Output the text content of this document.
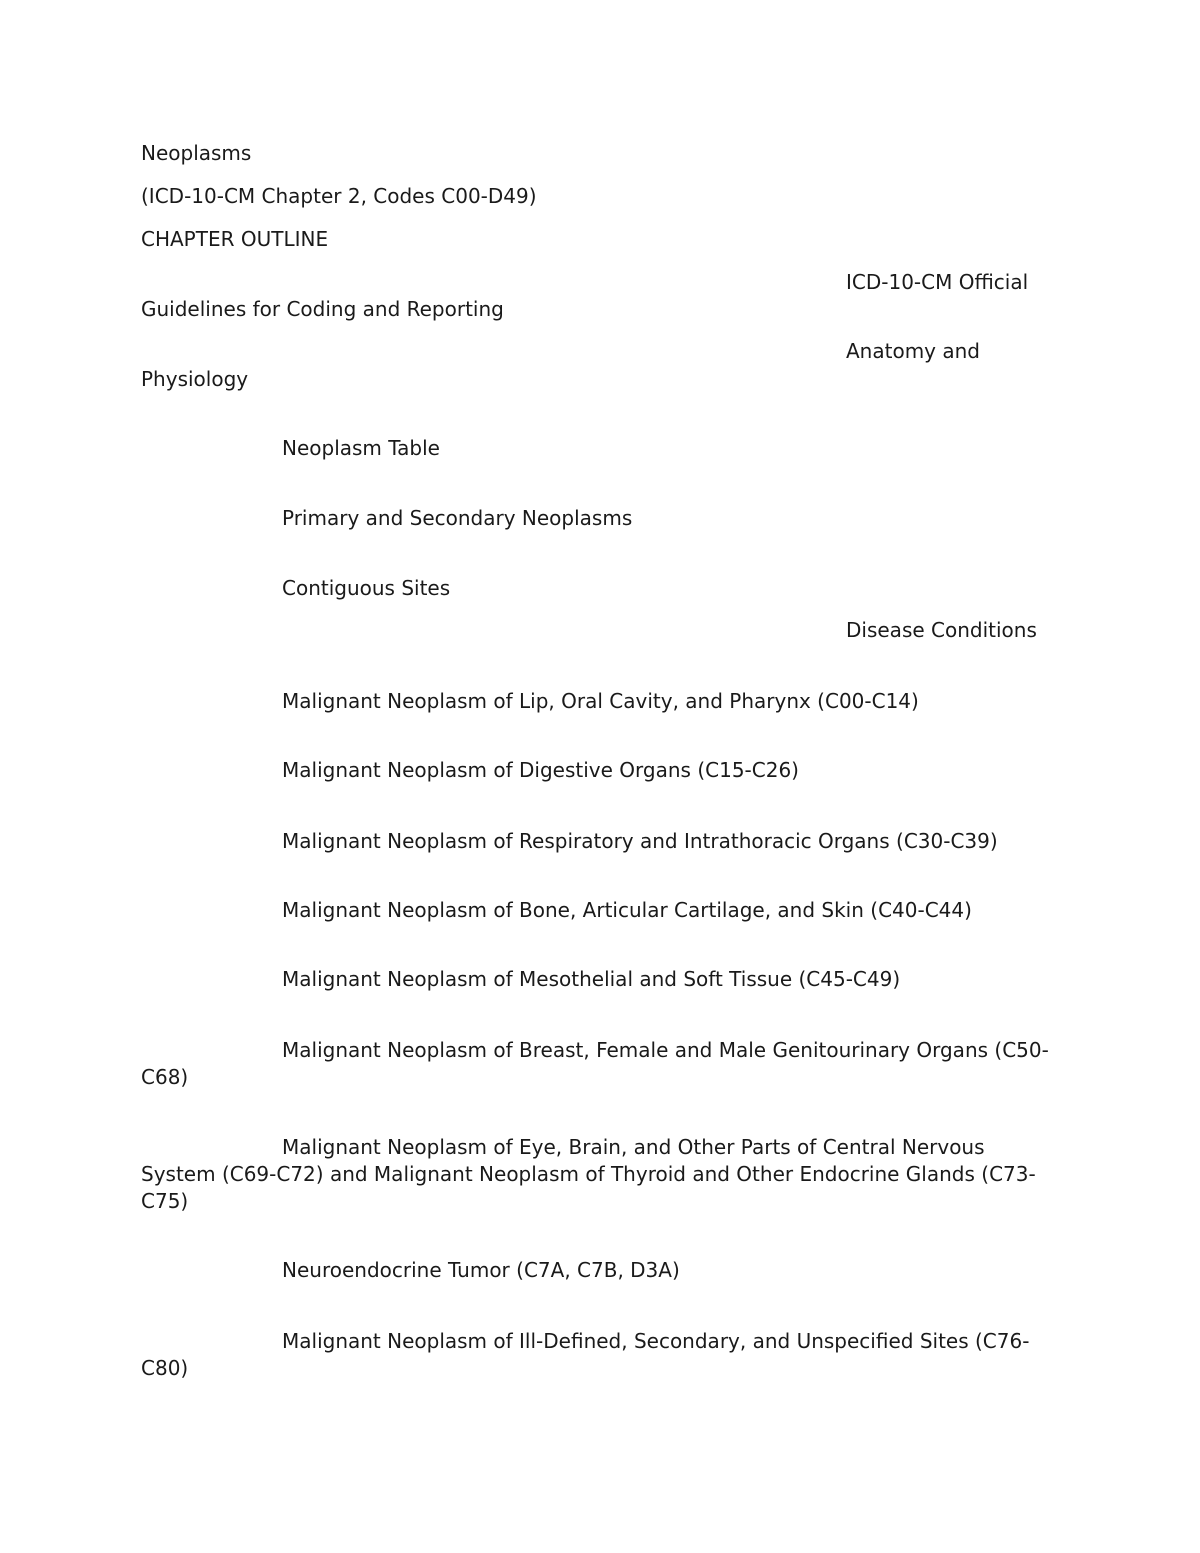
Neoplasms

(ICD-10-CM Chapter 2, Codes C00-D49)

CHAPTER OUTLINE

ICD-10-CM Official

Guidelines for Coding and Reporting

Anatomy and

Physiology

Neoplasm Table

Primary and Secondary Neoplasms

Contiguous Sites

Disease Conditions

Malignant Neoplasm of Lip, Oral Cavity, and Pharynx (C00-C14)

Malignant Neoplasm of Digestive Organs (C15-C26)

Malignant Neoplasm of Respiratory and Intrathoracic Organs (C30-C39)

Malignant Neoplasm of Bone, Articular Cartilage, and Skin (C40-C44)

Malignant Neoplasm of Mesothelial and Soft Tissue (C45-C49)

Malignant Neoplasm of Breast, Female and Male Genitourinary Organs (C50-C68)

Malignant Neoplasm of Eye, Brain, and Other Parts of Central Nervous System (C69-C72) and Malignant Neoplasm of Thyroid and Other Endocrine Glands (C73-C75)

Neuroendocrine Tumor (C7A, C7B, D3A)

Malignant Neoplasm of Ill-Defined, Secondary, and Unspecified Sites (C76-C80)
